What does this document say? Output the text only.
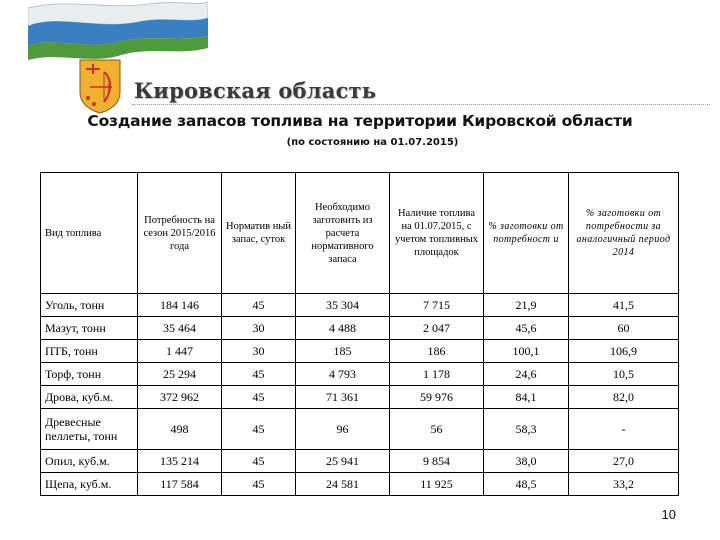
Кировская область
Создание запасов топлива на территории Кировской области
(по состоянию на 01.07.2015)
Вид топлива	Потребность на сезон 2015/2016 года	Норматив ный запас, суток	Необходимо заготовить из расчета нормативного запаса	Наличие топлива на 01.07.2015, с учетом топливных площадок	% заготовки от потребност и	% заготовки от потребности за аналогичный период 2014
Уголь, тонн	184 146	45	35 304	7 715	21,9	41,5
Мазут, тонн	35 464	30	4 488	2 047	45,6	60
ПТБ, тонн	1 447	30	185	186	100,1	106,9
Торф, тонн	25 294	45	4 793	1 178	24,6	10,5
Дрова, куб.м.	372 962	45	71 361	59 976	84,1	82,0
Древесные пеллеты, тонн	498	45	96	56	58,3	-
Опил, куб.м.	135 214	45	25 941	9 854	38,0	27,0
Щепа, куб.м.	117 584	45	24 581	11 925	48,5	33,2
10
